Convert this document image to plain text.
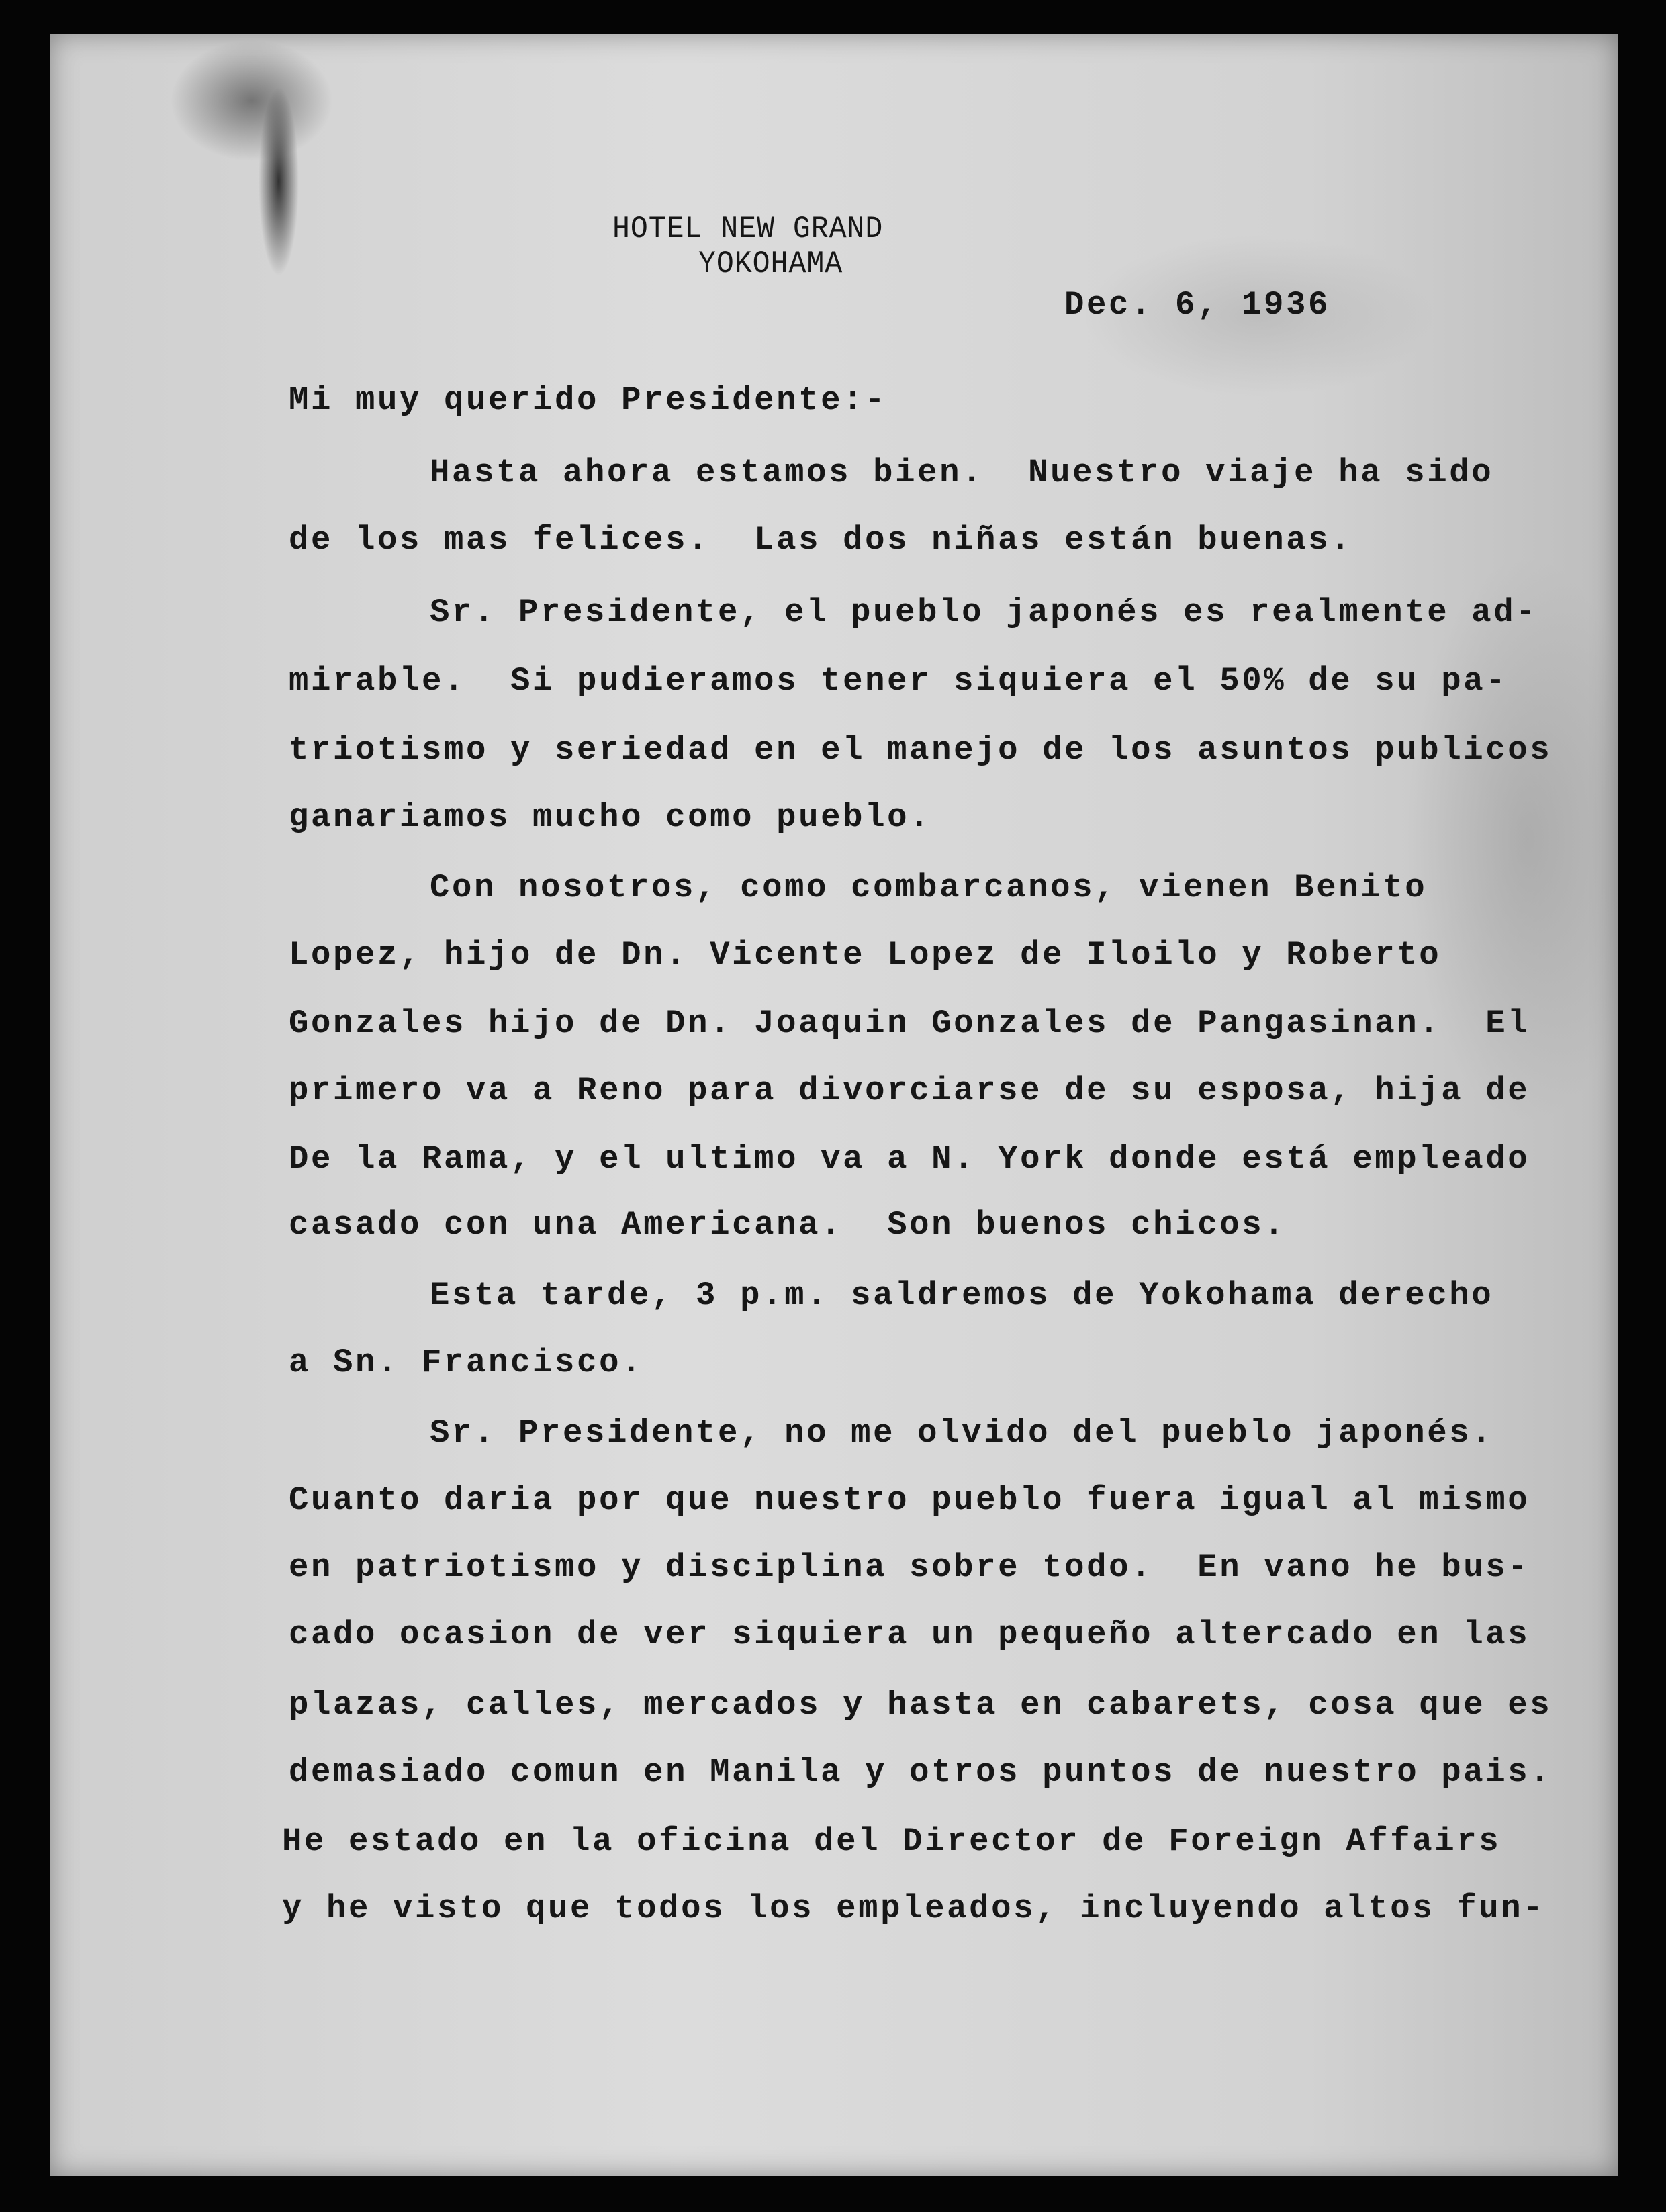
HOTEL NEW GRAND
YOKOHAMA
Dec. 6, 1936
Mi muy querido Presidente:-
Hasta ahora estamos bien.  Nuestro viaje ha sido
de los mas felices.  Las dos niñas están buenas.
Sr. Presidente, el pueblo japonés es realmente ad-
mirable.  Si pudieramos tener siquiera el 50% de su pa-
triotismo y seriedad en el manejo de los asuntos publicos
ganariamos mucho como pueblo.
Con nosotros, como combarcanos, vienen Benito
Lopez, hijo de Dn. Vicente Lopez de Iloilo y Roberto
Gonzales hijo de Dn. Joaquin Gonzales de Pangasinan.  El
primero va a Reno para divorciarse de su esposa, hija de
De la Rama, y el ultimo va a N. York donde está empleado
casado con una Americana.  Son buenos chicos.
Esta tarde, 3 p.m. saldremos de Yokohama derecho
a Sn. Francisco.
Sr. Presidente, no me olvido del pueblo japonés.
Cuanto daria por que nuestro pueblo fuera igual al mismo
en patriotismo y disciplina sobre todo.  En vano he bus-
cado ocasion de ver siquiera un pequeño altercado en las
plazas, calles, mercados y hasta en cabarets, cosa que es
demasiado comun en Manila y otros puntos de nuestro pais.
He estado en la oficina del Director de Foreign Affairs
y he visto que todos los empleados, incluyendo altos fun-
